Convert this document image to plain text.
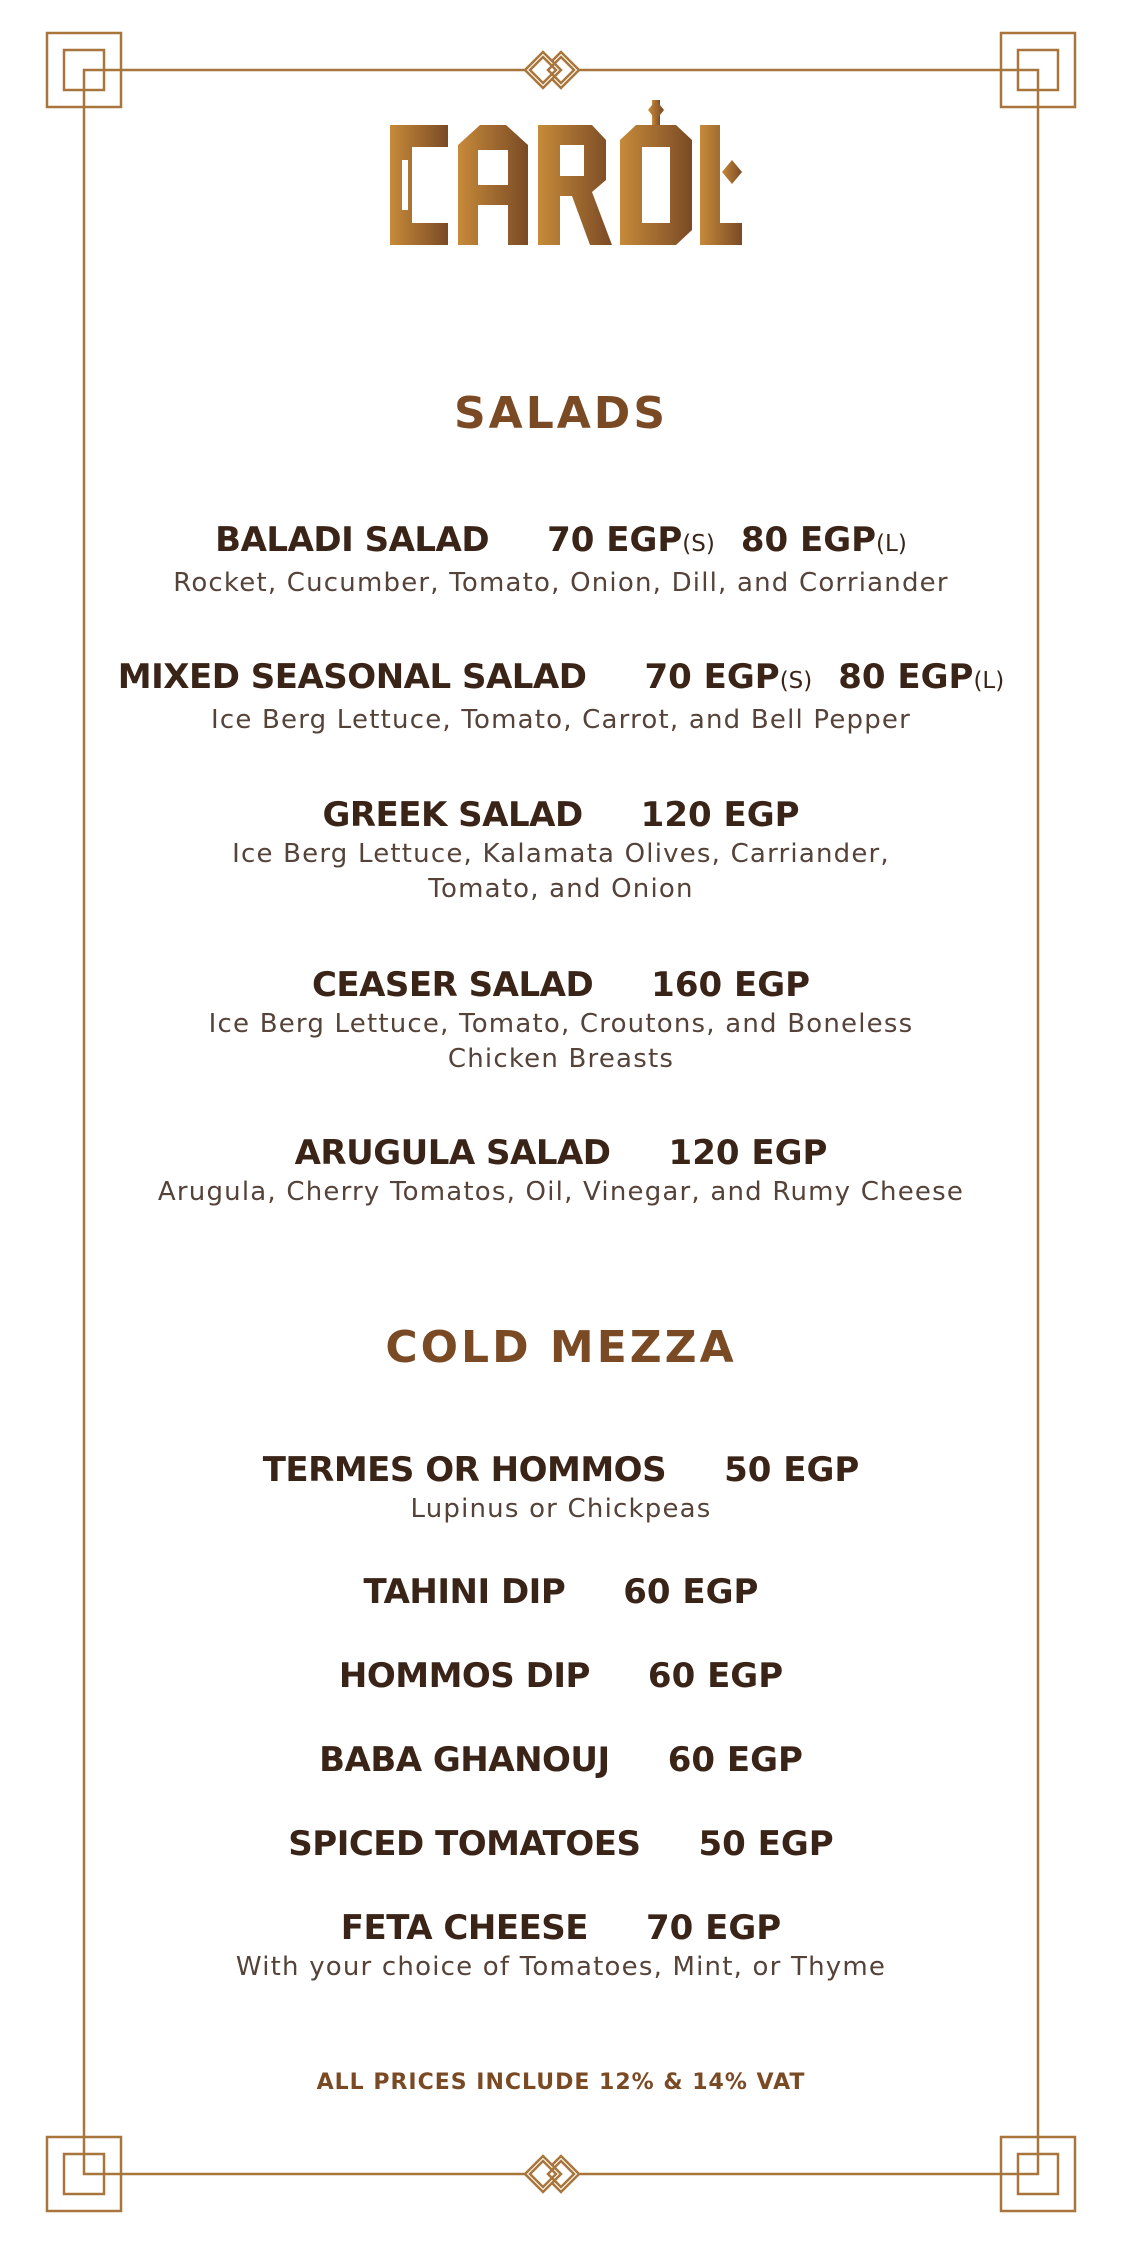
SALADS
BALADI SALAD 70 EGP(S) 80 EGP(L)
Rocket, Cucumber, Tomato, Onion, Dill, and Corriander
MIXED SEASONAL SALAD 70 EGP(S) 80 EGP(L)
Ice Berg Lettuce, Tomato, Carrot, and Bell Pepper
GREEK SALAD 120 EGP
Ice Berg Lettuce, Kalamata Olives, Carriander,
Tomato, and Onion
CEASER SALAD 160 EGP
Ice Berg Lettuce, Tomato, Croutons, and Boneless
Chicken Breasts
ARUGULA SALAD 120 EGP
Arugula, Cherry Tomatos, Oil, Vinegar, and Rumy Cheese
COLD MEZZA
TERMES OR HOMMOS 50 EGP
Lupinus or Chickpeas
TAHINI DIP 60 EGP
HOMMOS DIP 60 EGP
BABA GHANOUJ 60 EGP
SPICED TOMATOES 50 EGP
FETA CHEESE 70 EGP
With your choice of Tomatoes, Mint, or Thyme
ALL PRICES INCLUDE 12% & 14% VAT
